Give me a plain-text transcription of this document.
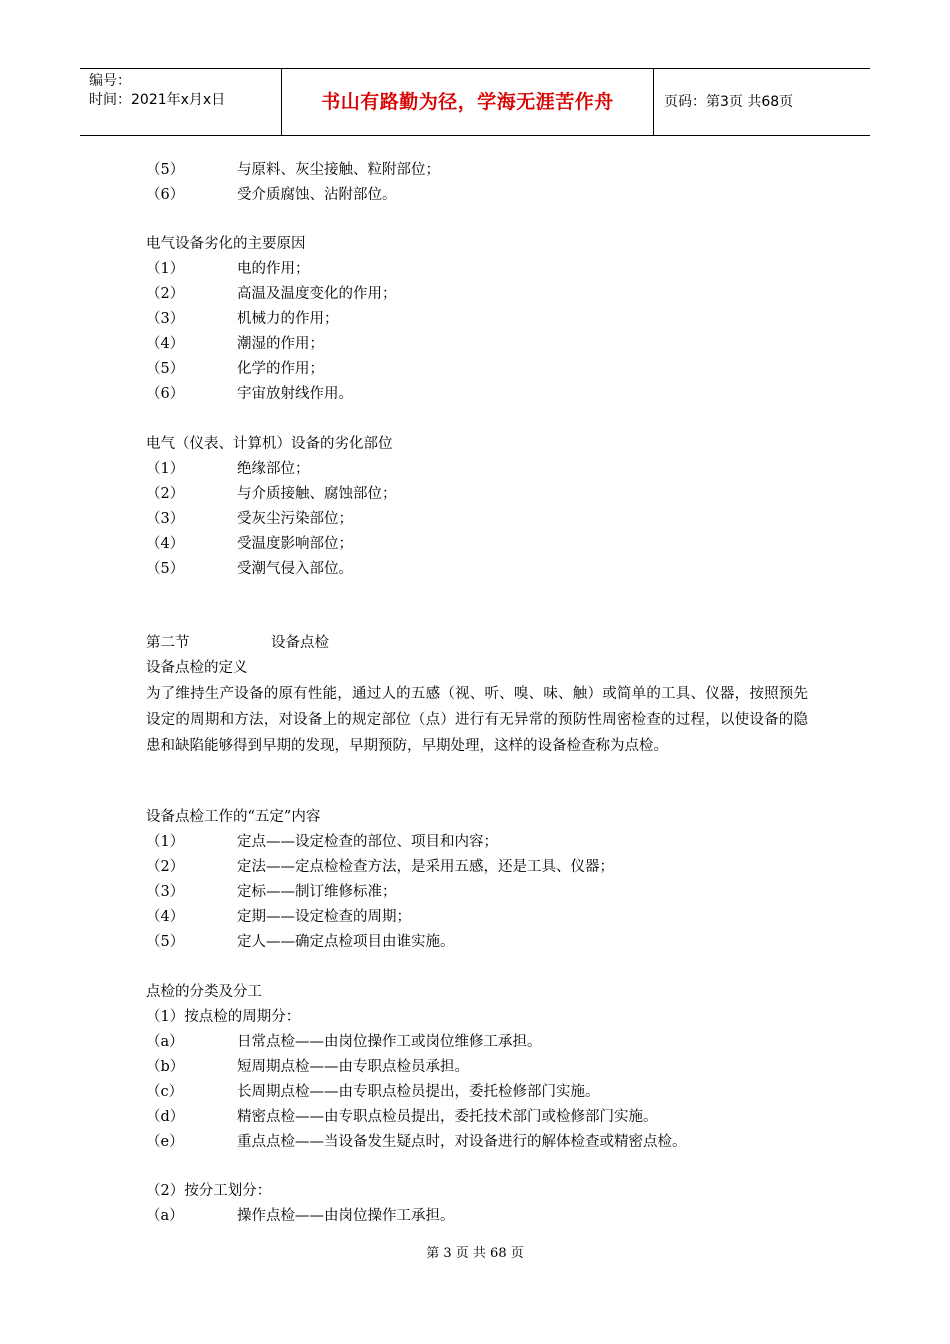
编号：
时间：2021年x月x日	书山有路勤为径，学海无涯苦作舟	页码：第3页 共68页
（5）	与原料、灰尘接触、粒附部位；
（6）	受介质腐蚀、沾附部位。
电气设备劣化的主要原因
（1）	电的作用；
（2）	高温及温度变化的作用；
（3）	机械力的作用；
（4）	潮湿的作用；
（5）	化学的作用；
（6）	宇宙放射线作用。
电气（仪表、计算机）设备的劣化部位
（1）	绝缘部位；
（2）	与介质接触、腐蚀部位；
（3）	受灰尘污染部位；
（4）	受温度影响部位；
（5）	受潮气侵入部位。
第二节	设备点检
设备点检的定义
为了维持生产设备的原有性能，通过人的五感（视、听、嗅、味、触）或简单的工具、仪器，按照预先设定的周期和方法，对设备上的规定部位（点）进行有无异常的预防性周密检查的过程，以使设备的隐患和缺陷能够得到早期的发现，早期预防，早期处理，这样的设备检查称为点检。
设备点检工作的“五定”内容
（1）	定点——设定检查的部位、项目和内容；
（2）	定法——定点检检查方法，是采用五感，还是工具、仪器；
（3）	定标——制订维修标准；
（4）	定期——设定检查的周期；
（5）	定人——确定点检项目由谁实施。
点检的分类及分工
（1）按点检的周期分：
（a）	日常点检——由岗位操作工或岗位维修工承担。
（b）	短周期点检——由专职点检员承担。
（c）	长周期点检——由专职点检员提出，委托检修部门实施。
（d）	精密点检——由专职点检员提出，委托技术部门或检修部门实施。
（e）	重点点检——当设备发生疑点时，对设备进行的解体检查或精密点检。
（2）按分工划分：
（a）	操作点检——由岗位操作工承担。
第 3 页 共 68 页
